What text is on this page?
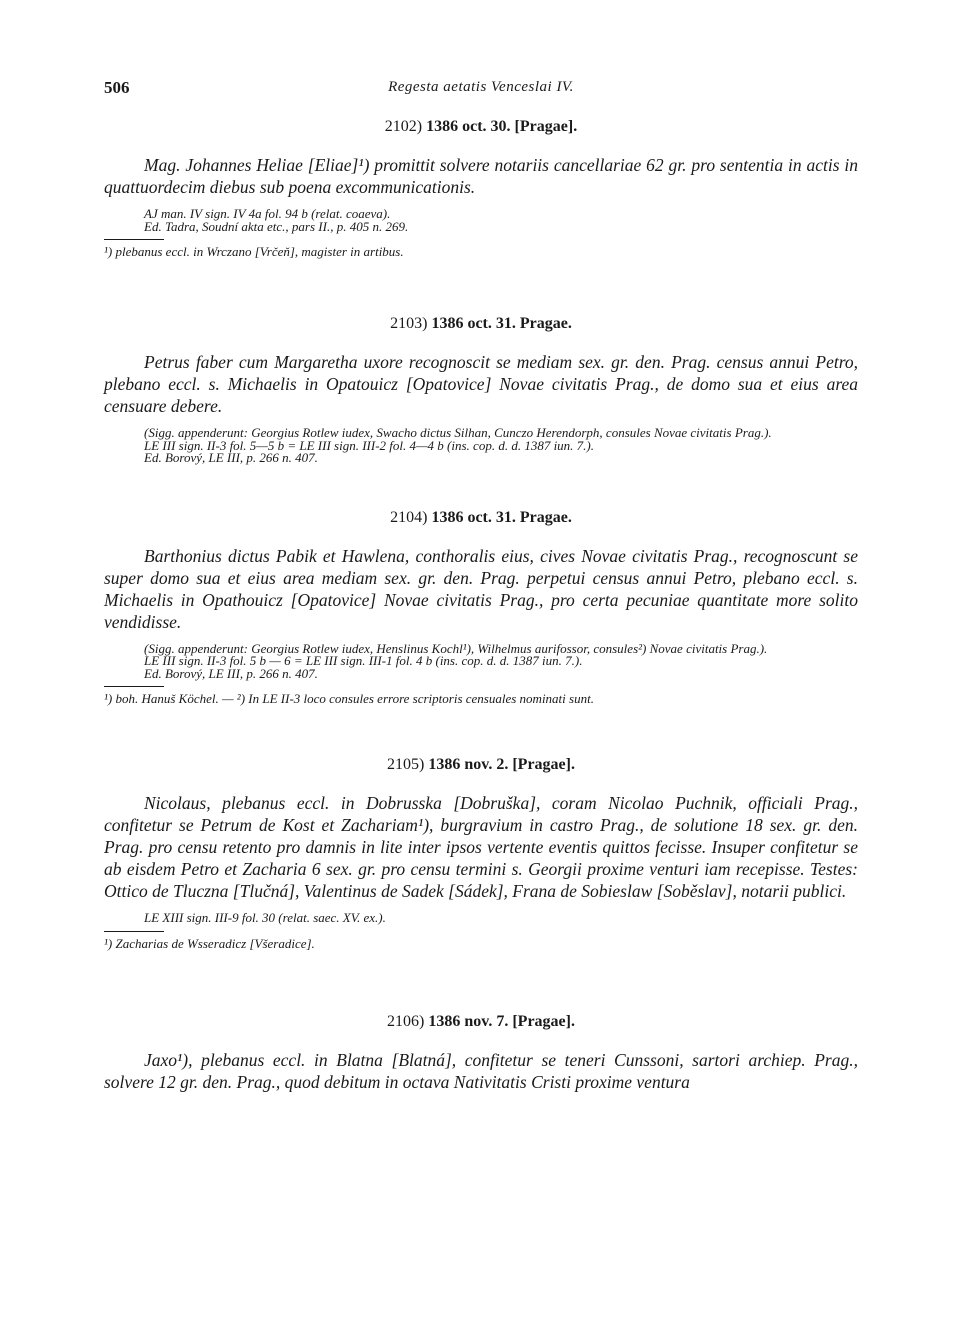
506	Regesta aetatis Venceslai IV.
2102) 1386 oct. 30. [Pragae].

Mag. Johannes Heliae [Eliae]¹) promittit solvere notariis cancellariae 62 gr. pro sententia in actis in quattuordecim diebus sub poena excommunicationis.

AJ man. IV sign. IV 4a fol. 94 b (relat. coaeva).
Ed. Tadra, Soudní akta etc., pars II., p. 405 n. 269.

¹) plebanus eccl. in Wrczano [Vrčeň], magister in artibus.

2103) 1386 oct. 31. Pragae.

Petrus faber cum Margaretha uxore recognoscit se mediam sex. gr. den. Prag. census annui Petro, plebano eccl. s. Michaelis in Opatouicz [Opatovice] Novae civitatis Prag., de domo sua et eius area censuare debere.

(Sigg. appenderunt: Georgius Rotlew iudex, Swacho dictus Silhan, Cunczo Herendorph, consules Novae civitatis Prag.).
LE III sign. II-3 fol. 5—5 b = LE III sign. III-2 fol. 4—4 b (ins. cop. d. d. 1387 iun. 7.).
Ed. Borový, LE III, p. 266 n. 407.
2104) 1386 oct. 31. Pragae.

Barthonius dictus Pabik et Hawlena, conthoralis eius, cives Novae civitatis Prag., recognoscunt se super domo sua et eius area mediam sex. gr. den. Prag. perpetui census annui Petro, plebano eccl. s. Michaelis in Opathouicz [Opatovice] Novae civitatis Prag., pro certa pecuniae quantitate more solito vendidisse.

(Sigg. appenderunt: Georgius Rotlew iudex, Henslinus Kochl¹), Wilhelmus aurifossor, consules²) Novae civitatis Prag.).
LE III sign. II-3 fol. 5 b — 6 = LE III sign. III-1 fol. 4 b (ins. cop. d. d. 1387 iun. 7.).
Ed. Borový, LE III, p. 266 n. 407.

¹) boh. Hanuš Köchel. — ²) In LE II-3 loco consules errore scriptoris censuales nominati sunt.

2105) 1386 nov. 2. [Pragae].

Nicolaus, plebanus eccl. in Dobrusska [Dobruška], coram Nicolao Puchnik, officiali Prag., confitetur se Petrum de Kost et Zachariam¹), burgravium in castro Prag., de solutione 18 sex. gr. den. Prag. pro censu retento pro damnis in lite inter ipsos vertente eventis quittos fecisse. Insuper confitetur se ab eisdem Petro et Zacharia 6 sex. gr. pro censu termini s. Georgii proxime venturi iam recepisse. Testes: Ottico de Tluczna [Tlučná], Valentinus de Sadek [Sádek], Frana de Sobieslaw [Soběslav], notarii publici.

LE XIII sign. III-9 fol. 30 (relat. saec. XV. ex.).

¹) Zacharias de Wsseradicz [Všeradice].

2106) 1386 nov. 7. [Pragae].

Jaxo¹), plebanus eccl. in Blatna [Blatná], confitetur se teneri Cunssoni, sartori archiep. Prag., solvere 12 gr. den. Prag., quod debitum in octava Nativitatis Cristi proxime ventura
